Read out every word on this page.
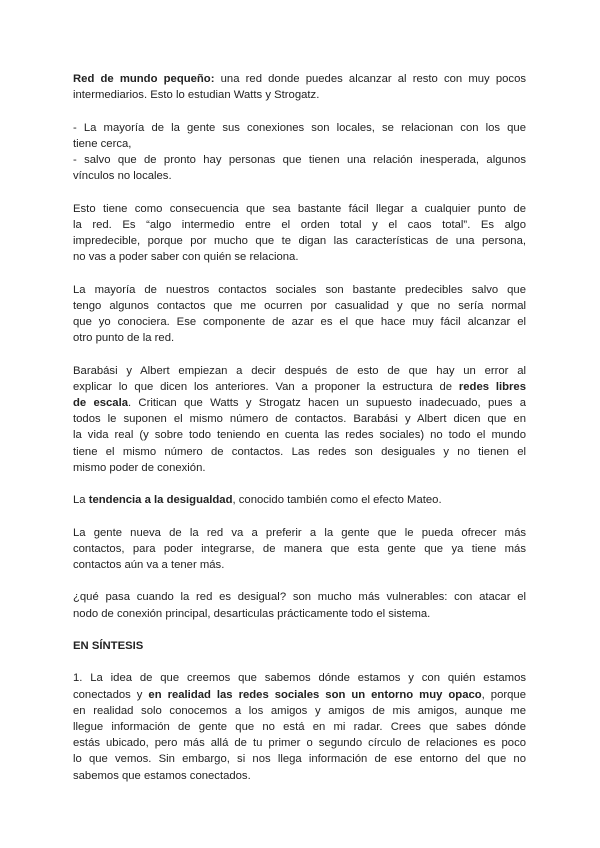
Red de mundo pequeño: una red donde puedes alcanzar al resto con muy pocos
intermediarios. Esto lo estudian Watts y Strogatz.
- La mayoría de la gente sus conexiones son locales, se relacionan con los que
tiene cerca,
- salvo que de pronto hay personas que tienen una relación inesperada, algunos
vínculos no locales.
Esto tiene como consecuencia que sea bastante fácil llegar a cualquier punto de
la red. Es “algo intermedio entre el orden total y el caos total”. Es algo
impredecible, porque por mucho que te digan las características de una persona,
no vas a poder saber con quién se relaciona.
La mayoría de nuestros contactos sociales son bastante predecibles salvo que
tengo algunos contactos que me ocurren por casualidad y que no sería normal
que yo conociera. Ese componente de azar es el que hace muy fácil alcanzar el
otro punto de la red.
Barabási y Albert empiezan a decir después de esto de que hay un error al
explicar lo que dicen los anteriores. Van a proponer la estructura de redes libres
de escala. Critican que Watts y Strogatz hacen un supuesto inadecuado, pues a
todos le suponen el mismo número de contactos. Barabási y Albert dicen que en
la vida real (y sobre todo teniendo en cuenta las redes sociales) no todo el mundo
tiene el mismo número de contactos. Las redes son desiguales y no tienen el
mismo poder de conexión.
La tendencia a la desigualdad, conocido también como el efecto Mateo.
La gente nueva de la red va a preferir a la gente que le pueda ofrecer más
contactos, para poder integrarse, de manera que esta gente que ya tiene más
contactos aún va a tener más.
¿qué pasa cuando la red es desigual? son mucho más vulnerables: con atacar el
nodo de conexión principal, desarticulas prácticamente todo el sistema.
EN SÍNTESIS
1. La idea de que creemos que sabemos dónde estamos y con quién estamos
conectados y en realidad las redes sociales son un entorno muy opaco, porque
en realidad solo conocemos a los amigos y amigos de mis amigos, aunque me
llegue información de gente que no está en mi radar. Crees que sabes dónde
estás ubicado, pero más allá de tu primer o segundo círculo de relaciones es poco
lo que vemos. Sin embargo, si nos llega información de ese entorno del que no
sabemos que estamos conectados.
